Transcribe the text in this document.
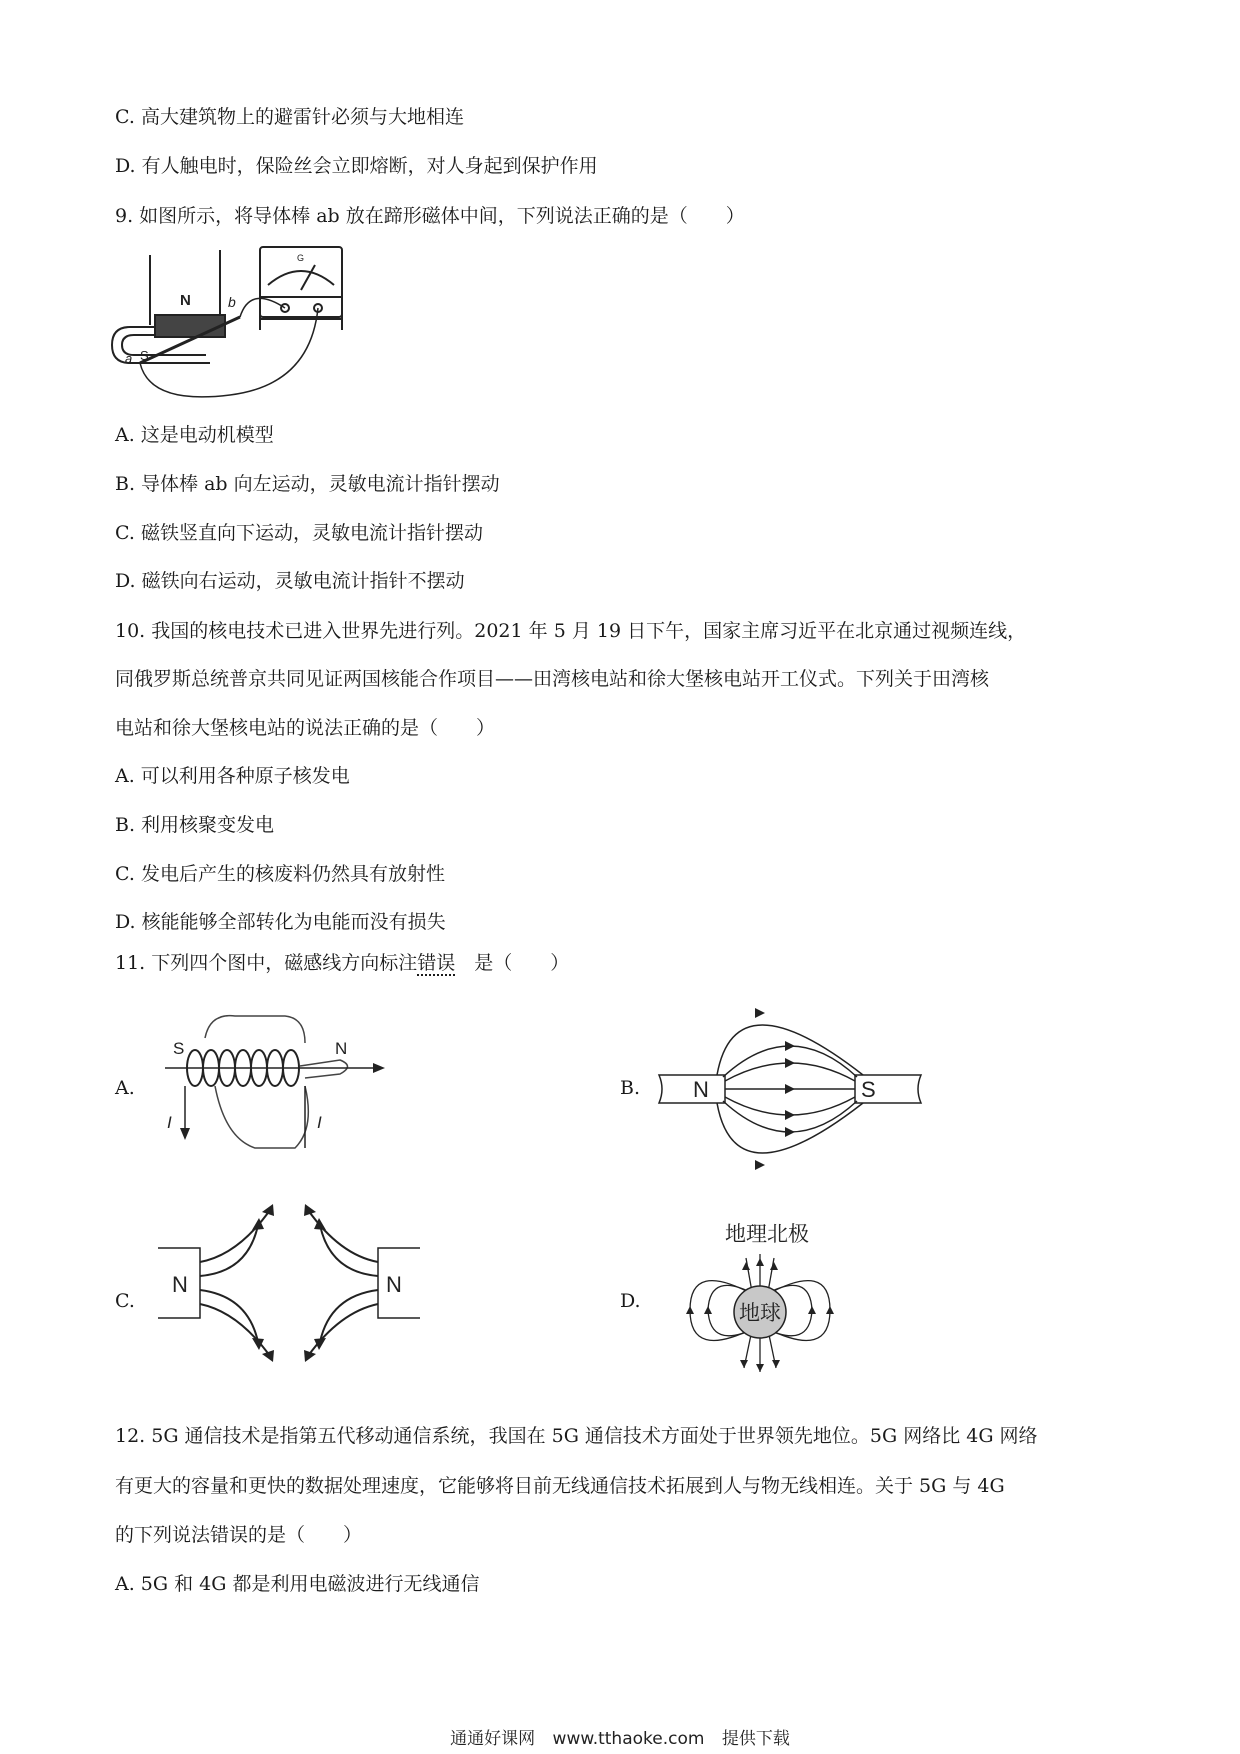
C. 高大建筑物上的避雷针必须与大地相连
D. 有人触电时，保险丝会立即熔断，对人身起到保护作用
9. 如图所示，将导体棒 ab 放在蹄形磁体中间，下列说法正确的是（　　）
N
S
a
b
G
A. 这是电动机模型
B. 导体棒 ab 向左运动，灵敏电流计指针摆动
C. 磁铁竖直向下运动，灵敏电流计指针摆动
D. 磁铁向右运动，灵敏电流计指针不摆动
10. 我国的核电技术已进入世界先进行列。2021 年 5 月 19 日下午，国家主席习近平在北京通过视频连线，
同俄罗斯总统普京共同见证两国核能合作项目——田湾核电站和徐大堡核电站开工仪式。下列关于田湾核
电站和徐大堡核电站的说法正确的是（　　）
A. 可以利用各种原子核发电
B. 利用核聚变发电
C. 发电后产生的核废料仍然具有放射性
D. 核能能够全部转化为电能而没有损失
11. 下列四个图中，磁感线方向标注错误　是（　　）
A.
S	N
I	I
B. N	S
C.
N	N
D.
地理北极
地球
12. 5G 通信技术是指第五代移动通信系统，我国在 5G 通信技术方面处于世界领先地位。5G 网络比 4G 网络
有更大的容量和更快的数据处理速度，它能够将目前无线通信技术拓展到人与物无线相连。关于 5G 与 4G
的下列说法错误的是（　　）
A. 5G 和 4G 都是利用电磁波进行无线通信
通通好课网 www.tthaoke.com 提供下载
